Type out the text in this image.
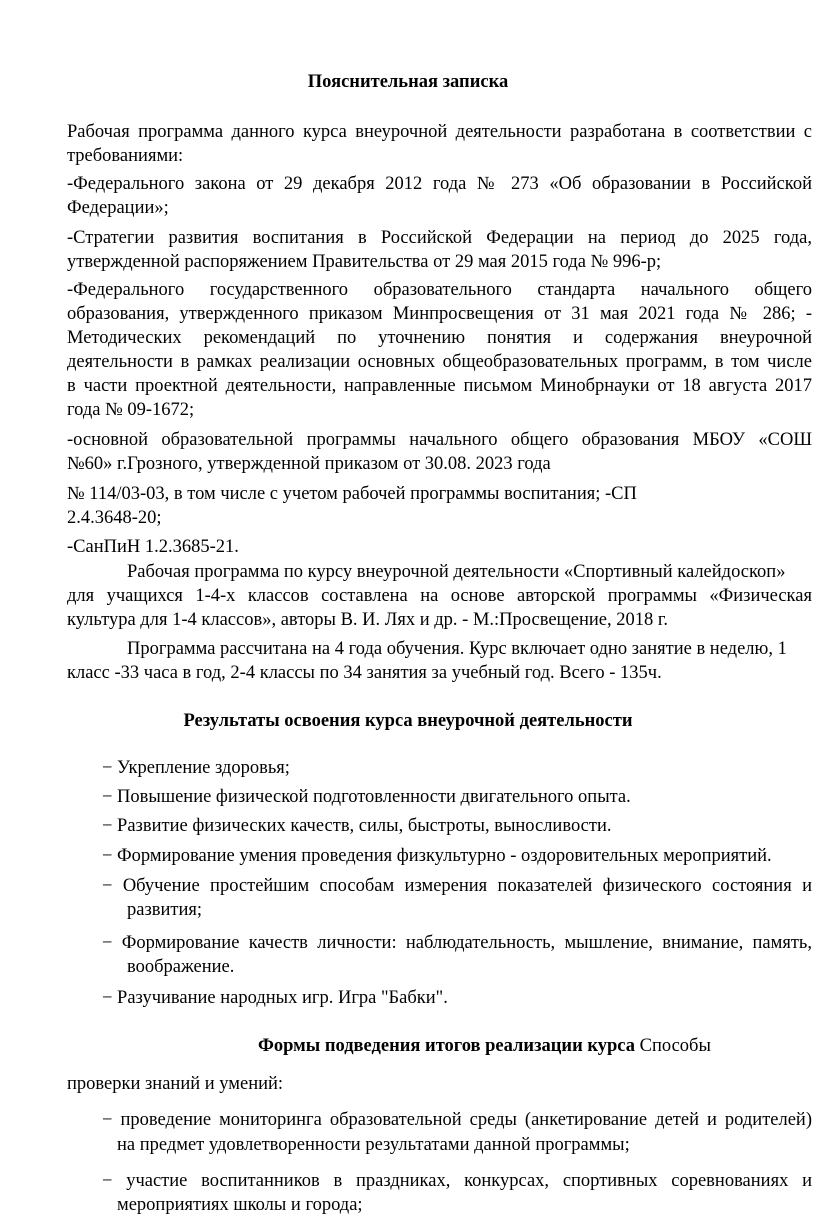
Пояснительная записка
Рабочая программа данного курса внеурочной деятельности разработана в соответствии с
требованиями:
-Федерального закона от 29 декабря 2012 года № 273 «Об образовании в Российской
Федерации»;
-Стратегии развития воспитания в Российской Федерации на период до 2025 года,
утвержденной распоряжением Правительства от 29 мая 2015 года № 996-р;
-Федерального государственного образовательного стандарта начального общего
образования, утвержденного приказом Минпросвещения от 31 мая 2021 года № 286; -
Методических рекомендаций по уточнению понятия и содержания внеурочной
деятельности в рамках реализации основных общеобразовательных программ, в том числе
в части проектной деятельности, направленные письмом Минобрнауки от 18 августа 2017
года № 09-1672;
-основной образовательной программы начального общего образования МБОУ «СОШ
№60» г.Грозного, утвержденной приказом от 30.08. 2023 года
№ 114/03-03, в том числе с учетом рабочей программы воспитания; -СП
2.4.3648-20;
-СанПиН 1.2.3685-21.
Рабочая программа по курсу внеурочной деятельности «Спортивный калейдоскоп»
для учащихся 1-4-х классов составлена на основе авторской программы «Физическая
культура для 1-4 классов», авторы В. И. Лях и др. - М.:Просвещение, 2018 г.
Программа рассчитана на 4 года обучения. Курс включает одно занятие в неделю, 1
класс -33 часа в год, 2-4 классы по 34 занятия за учебный год. Всего - 135ч.
Результаты освоения курса внеурочной деятельности
− Укрепление здоровья;
− Повышение физической подготовленности двигательного опыта.
− Развитие физических качеств, силы, быстроты, выносливости.
− Формирование умения проведения физкультурно - оздоровительных мероприятий.
− Обучение простейшим способам измерения показателей физического состояния и
развития;
− Формирование качеств личности: наблюдательность, мышление, внимание, память,
воображение.
− Разучивание народных игр. Игра "Бабки".
Формы подведения итогов реализации курса Способы
проверки знаний и умений:
− проведение мониторинга образовательной среды (анкетирование детей и родителей)
на предмет удовлетворенности результатами данной программы;
− участие воспитанников в праздниках, конкурсах, спортивных соревнованиях и
мероприятиях школы и города;
